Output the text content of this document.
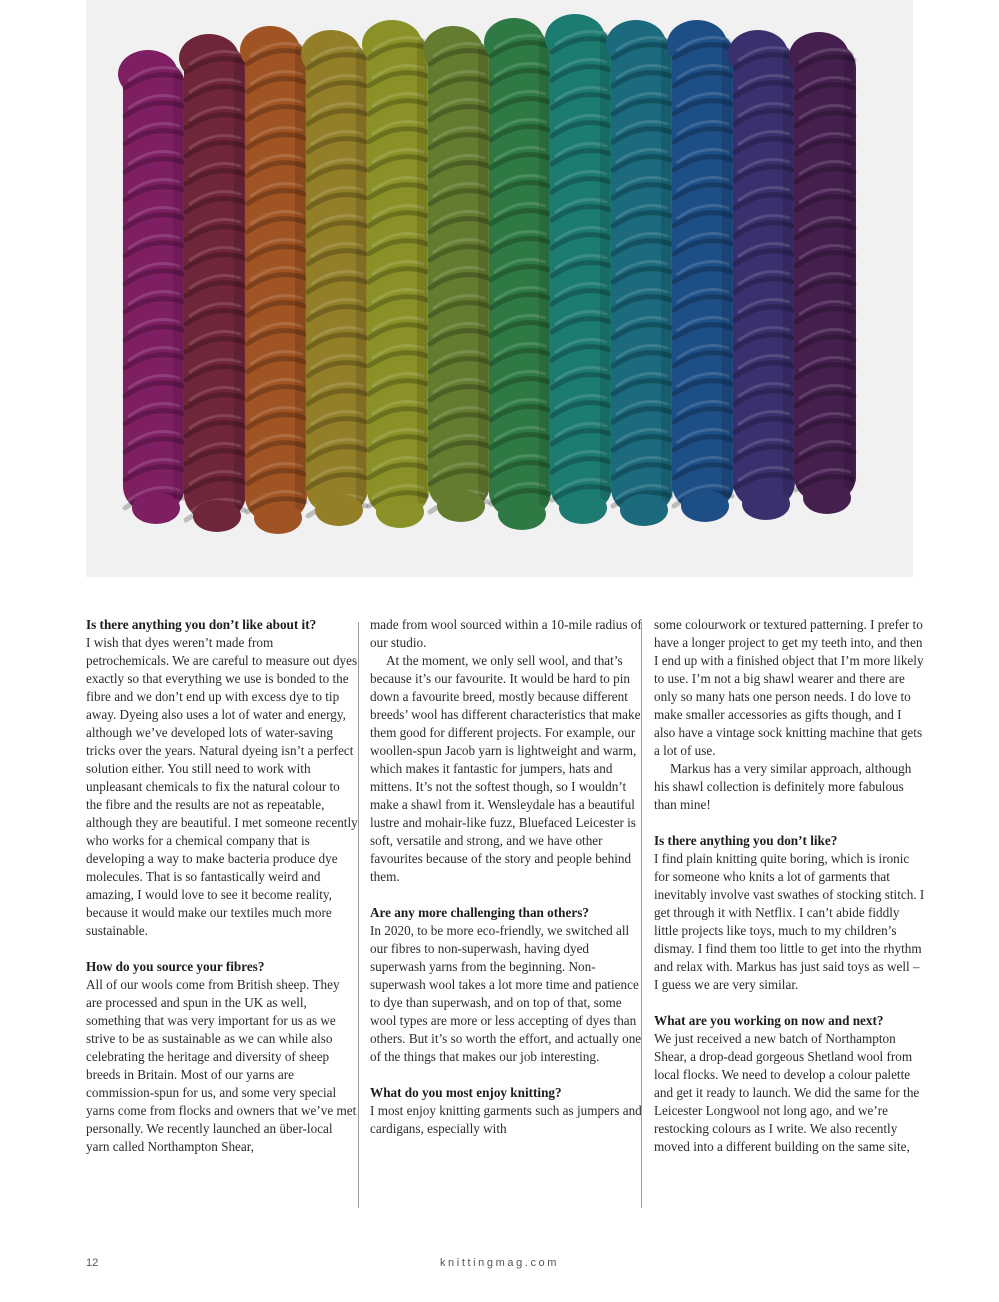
Is there anything you don’t like about it?

I wish that dyes weren’t made from petrochemicals. We are careful to measure out dyes exactly so that everything we use is bonded to the fibre and we don’t end up with excess dye to tip away. Dyeing also uses a lot of water and energy, although we’ve developed lots of water-saving tricks over the years. Natural dyeing isn’t a perfect solution either. You still need to work with unpleasant chemicals to fix the natural colour to the fibre and the results are not as repeatable, although they are beautiful. I met someone recently who works for a chemical company that is developing a way to make bacteria produce dye molecules. That is so fantastically weird and amazing, I would love to see it become reality, because it would make our textiles much more sustainable.

How do you source your fibres?

All of our wools come from British sheep. They are processed and spun in the UK as well, something that was very important for us as we strive to be as sustainable as we can while also celebrating the heritage and diversity of sheep breeds in Britain. Most of our yarns are commission-spun for us, and some very special yarns come from flocks and owners that we’ve met personally. We recently launched an über-local yarn called Northampton Shear,

made from wool sourced within a 10-mile radius of our studio.

At the moment, we only sell wool, and that’s because it’s our favourite. It would be hard to pin down a favourite breed, mostly because different breeds’ wool has different characteristics that make them good for different projects. For example, our woollen-spun Jacob yarn is lightweight and warm, which makes it fantastic for jumpers, hats and mittens. It’s not the softest though, so I wouldn’t make a shawl from it. Wensleydale has a beautiful lustre and mohair-like fuzz, Bluefaced Leicester is soft, versatile and strong, and we have other favourites because of the story and people behind them.

Are any more challenging than others?

In 2020, to be more eco-friendly, we switched all our fibres to non-superwash, having dyed superwash yarns from the beginning. Non-superwash wool takes a lot more time and patience to dye than superwash, and on top of that, some wool types are more or less accepting of dyes than others. But it’s so worth the effort, and actually one of the things that makes our job interesting.

What do you most enjoy knitting?

I most enjoy knitting garments such as jumpers and cardigans, especially with

some colourwork or textured patterning. I prefer to have a longer project to get my teeth into, and then I end up with a finished object that I’m more likely to use. I’m not a big shawl wearer and there are only so many hats one person needs. I do love to make smaller accessories as gifts though, and I also have a vintage sock knitting machine that gets a lot of use.

Markus has a very similar approach, although his shawl collection is definitely more fabulous than mine!

Is there anything you don’t like?

I find plain knitting quite boring, which is ironic for someone who knits a lot of garments that inevitably involve vast swathes of stocking stitch. I get through it with Netflix. I can’t abide fiddly little projects like toys, much to my children’s dismay. I find them too little to get into the rhythm and relax with. Markus has just said toys as well – I guess we are very similar.

What are you working on now and next?

We just received a new batch of Northampton Shear, a drop-dead gorgeous Shetland wool from local flocks. We need to develop a colour palette and get it ready to launch. We did the same for the Leicester Longwool not long ago, and we’re restocking colours as I write. We also recently moved into a different building on the same site,

12	knittingmag.com
